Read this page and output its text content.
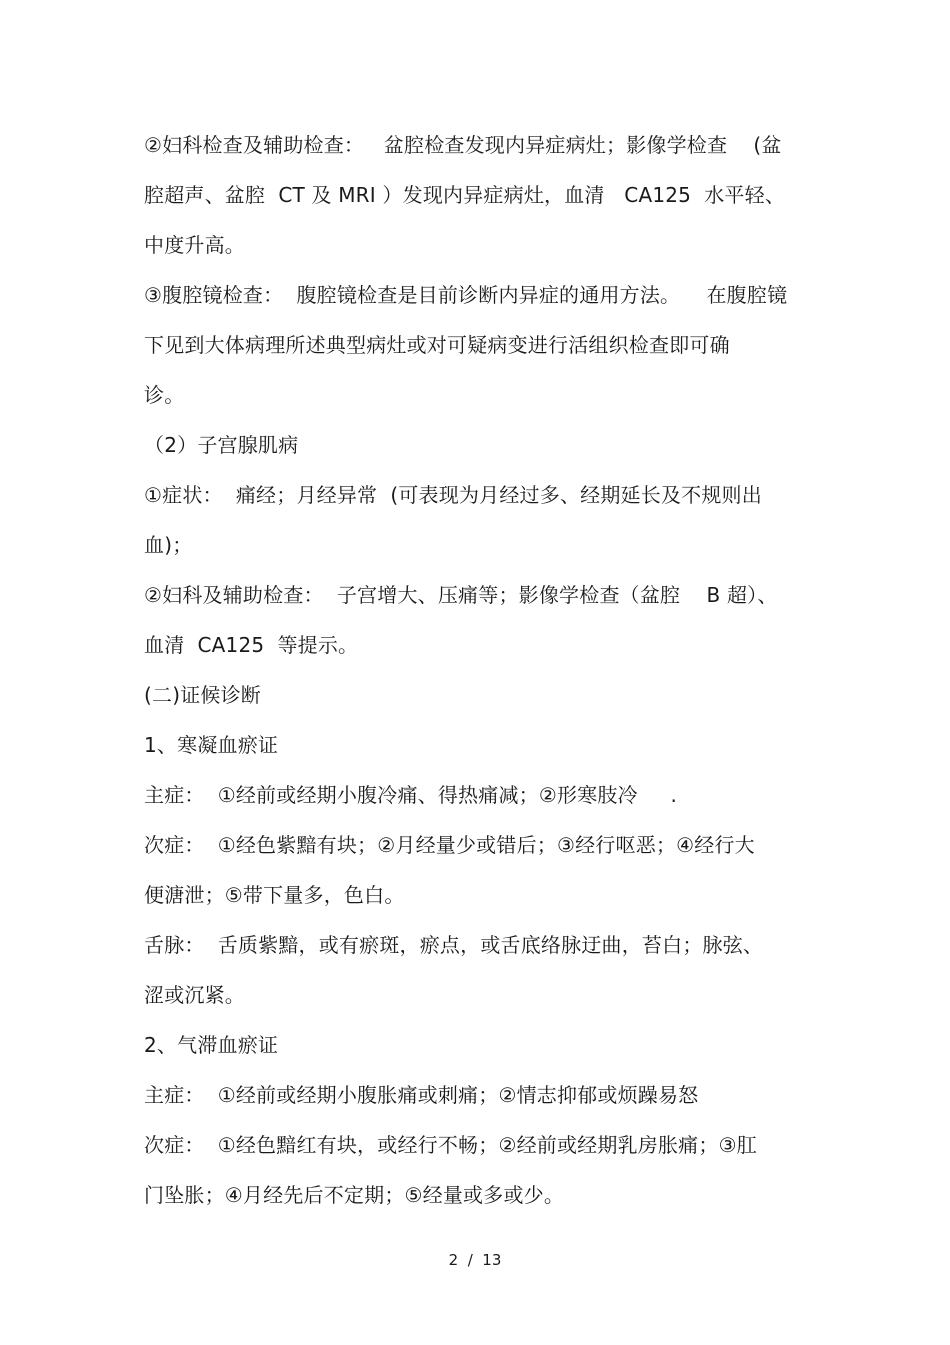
②妇科检查及辅助检查：   盆腔检查发现内异症病灶；影像学检查    (盆
腔超声、盆腔  CT 及 MRI ）发现内异症病灶，血清   CA125  水平轻、
中度升高。
③腹腔镜检查：  腹腔镜检查是目前诊断内异症的通用方法。    在腹腔镜
下见到大体病理所述典型病灶或对可疑病变进行活组织检查即可确
诊。
（2）子宫腺肌病
①症状：  痛经；月经异常  (可表现为月经过多、经期延长及不规则出
血)；
②妇科及辅助检查：  子宫增大、压痛等；影像学检查（盆腔    B 超）、
血清  CA125  等提示。
(二)证候诊断
1、寒凝血瘀证
主症：  ①经前或经期小腹冷痛、得热痛减；②形寒肢冷     .
次症：  ①经色紫黯有块；②月经量少或错后；③经行呕恶；④经行大
便溏泄；⑤带下量多，色白。
舌脉：  舌质紫黯，或有瘀斑，瘀点，或舌底络脉迂曲，苔白；脉弦、
涩或沉紧。
2、气滞血瘀证
主症：  ①经前或经期小腹胀痛或刺痛；②情志抑郁或烦躁易怒
次症：  ①经色黯红有块，或经行不畅；②经前或经期乳房胀痛；③肛
门坠胀；④月经先后不定期；⑤经量或多或少。
2  /  13
